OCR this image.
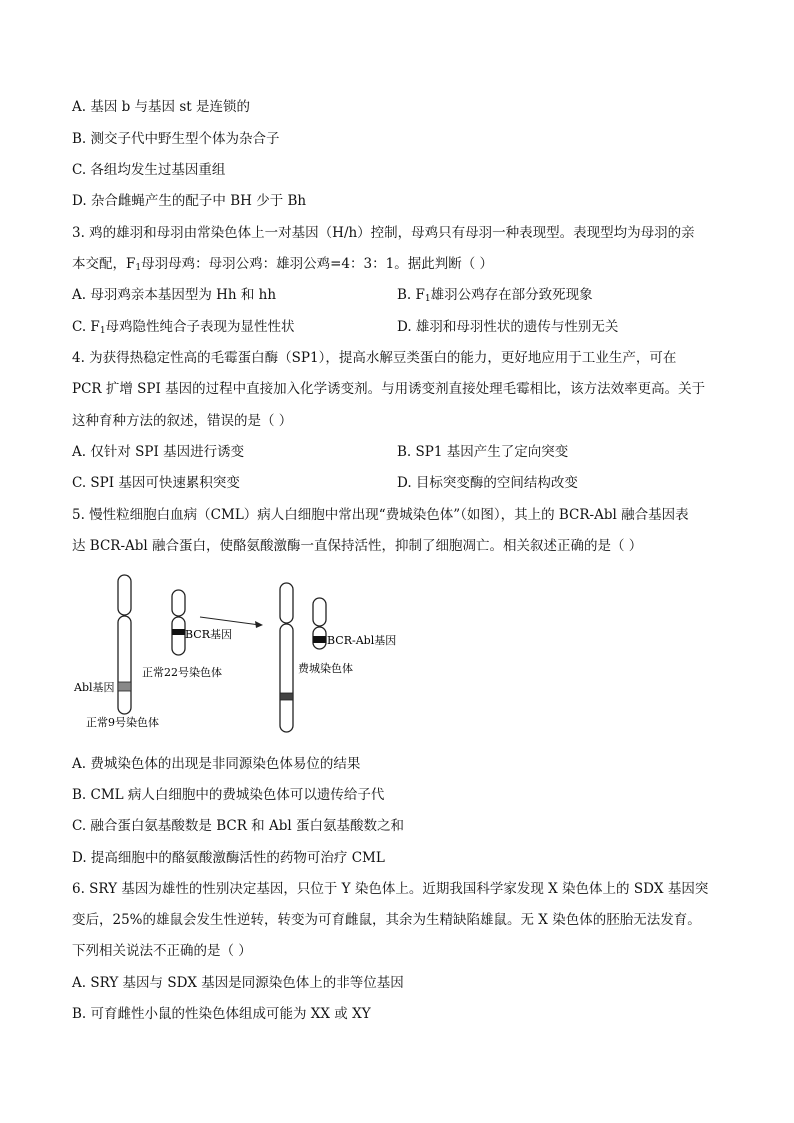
A. 基因 b 与基因 st 是连锁的
B. 测交子代中野生型个体为杂合子
C. 各组均发生过基因重组
D. 杂合雌蝇产生的配子中 BH 少于 Bh
3. 鸡的雄羽和母羽由常染色体上一对基因（H/h）控制，母鸡只有母羽一种表现型。表现型均为母羽的亲
本交配，$F_1$母羽母鸡：母羽公鸡：雄羽公鸡=4：3：1。据此判断（ ）
A. 母羽鸡亲本基因型为 Hh 和 hh	B. $F_1$雄羽公鸡存在部分致死现象
C. $F_1$母鸡隐性纯合子表现为显性性状	D. 雄羽和母羽性状的遗传与性别无关
4. 为获得热稳定性高的毛霉蛋白酶（SP1），提高水解豆类蛋白的能力，更好地应用于工业生产，可在
PCR 扩增 SPI 基因的过程中直接加入化学诱变剂。与用诱变剂直接处理毛霉相比，该方法效率更高。关于
这种育种方法的叙述，错误的是（ ）
A. 仅针对 SPI 基因进行诱变	B. SP1 基因产生了定向突变
C. SPI 基因可快速累积突变	D. 目标突变酶的空间结构改变
5. 慢性粒细胞白血病（CML）病人白细胞中常出现“费城染色体”（如图），其上的 BCR-Abl 融合基因表
达 BCR-Abl 融合蛋白，使酪氨酸激酶一直保持活性，抑制了细胞凋亡。相关叙述正确的是（ ）
BCR基因
正常22号染色体
Abl基因
正常9号染色体
BCR-Abl基因
费城染色体
A. 费城染色体的出现是非同源染色体易位的结果
B. CML 病人白细胞中的费城染色体可以遗传给子代
C. 融合蛋白氨基酸数是 BCR 和 Abl 蛋白氨基酸数之和
D. 提高细胞中的酪氨酸激酶活性的药物可治疗 CML
6. SRY 基因为雄性的性别决定基因，只位于 Y 染色体上。近期我国科学家发现 X 染色体上的 SDX 基因突
变后，25%的雄鼠会发生性逆转，转变为可育雌鼠，其余为生精缺陷雄鼠。无 X 染色体的胚胎无法发育。
下列相关说法不正确的是（ ）
A. SRY 基因与 SDX 基因是同源染色体上的非等位基因
B. 可育雌性小鼠的性染色体组成可能为 XX 或 XY
